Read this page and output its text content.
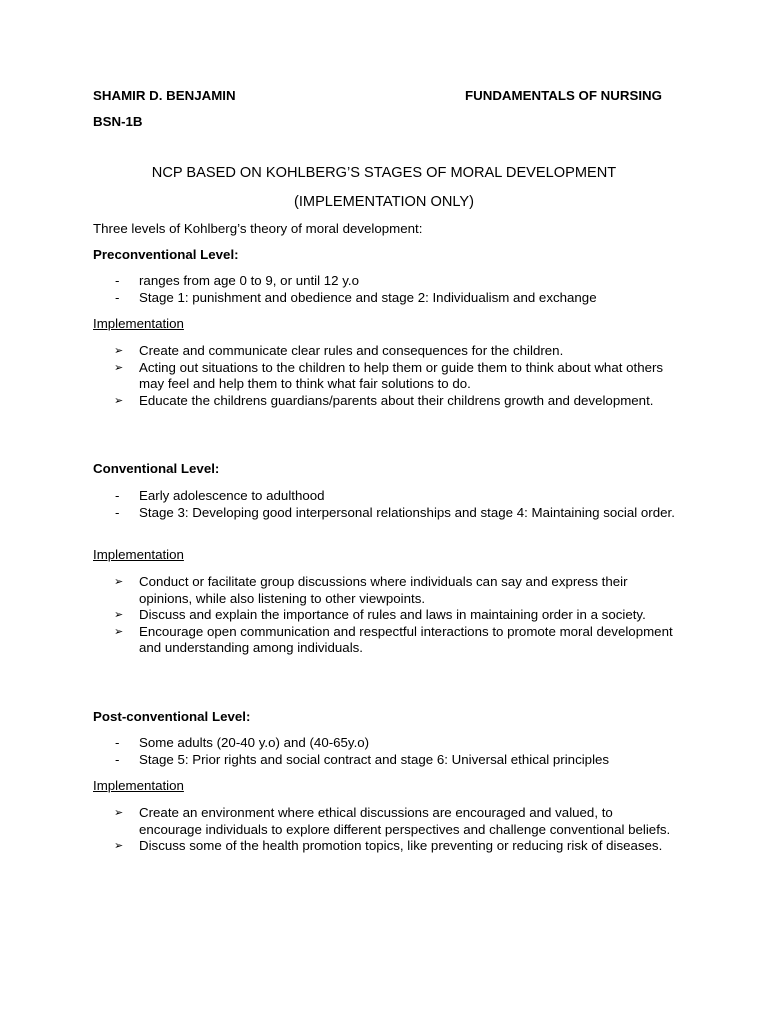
SHAMIR D. BENJAMIN	FUNDAMENTALS OF NURSING

BSN-1B

NCP BASED ON KOHLBERG’S STAGES OF MORAL DEVELOPMENT

(IMPLEMENTATION ONLY)

Three levels of Kohlberg’s theory of moral development:

Preconventional Level:

- ranges from age 0 to 9, or until 12 y.o
- Stage 1: punishment and obedience and stage 2: Individualism and exchange

Implementation

➢ Create and communicate clear rules and consequences for the children.
➢ Acting out situations to the children to help them or guide them to think about what others may feel and help them to think what fair solutions to do.
➢ Educate the childrens guardians/parents about their childrens growth and development.

Conventional Level:

- Early adolescence to adulthood
- Stage 3: Developing good interpersonal relationships and stage 4: Maintaining social order.

Implementation

➢ Conduct or facilitate group discussions where individuals can say and express their opinions, while also listening to other viewpoints.
➢ Discuss and explain the importance of rules and laws in maintaining order in a society.
➢ Encourage open communication and respectful interactions to promote moral development and understanding among individuals.

Post-conventional Level:

- Some adults (20-40 y.o) and (40-65y.o)
- Stage 5: Prior rights and social contract and stage 6: Universal ethical principles

Implementation

➢ Create an environment where ethical discussions are encouraged and valued, to encourage individuals to explore different perspectives and challenge conventional beliefs.
➢ Discuss some of the health promotion topics, like preventing or reducing risk of diseases.
